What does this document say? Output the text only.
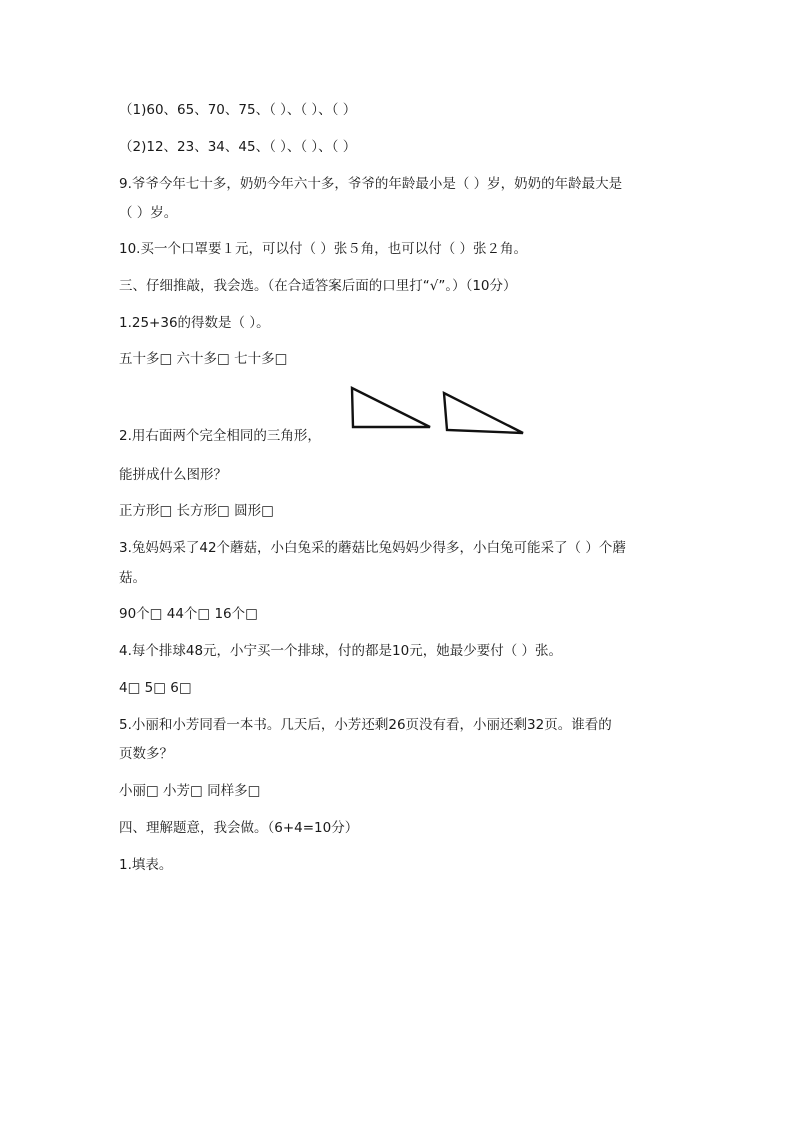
（1)60、65、70、75、（ ）、（ ）、（ ）

（2)12、23、34、45、（ ）、（ ）、（ ）

9.爷爷今年七十多，奶奶今年六十多，爷爷的年龄最小是（ ）岁，奶奶的年龄最大是

（ ）岁。

10.买一个口罩要１元，可以付（ ）张５角，也可以付（ ）张２角。

三、仔细推敲，我会选。（在合适答案后面的口里打“√”。）（10分）

1.25+36的得数是（ ）。

五十多□ 六十多□ 七十多□

2.用右面两个完全相同的三角形，

能拼成什么图形？

正方形□ 长方形□ 圆形□

3.兔妈妈采了42个蘑菇，小白兔采的蘑菇比兔妈妈少得多，小白兔可能采了（ ）个蘑

菇。

90个□ 44个□ 16个□

4.每个排球48元，小宁买一个排球，付的都是10元，她最少要付（ ）张。

4□ 5□ 6□

5.小丽和小芳同看一本书。几天后，小芳还剩26页没有看，小丽还剩32页。谁看的

页数多？

小丽□ 小芳□ 同样多□

四、理解题意，我会做。（6+4=10分）

1.填表。
